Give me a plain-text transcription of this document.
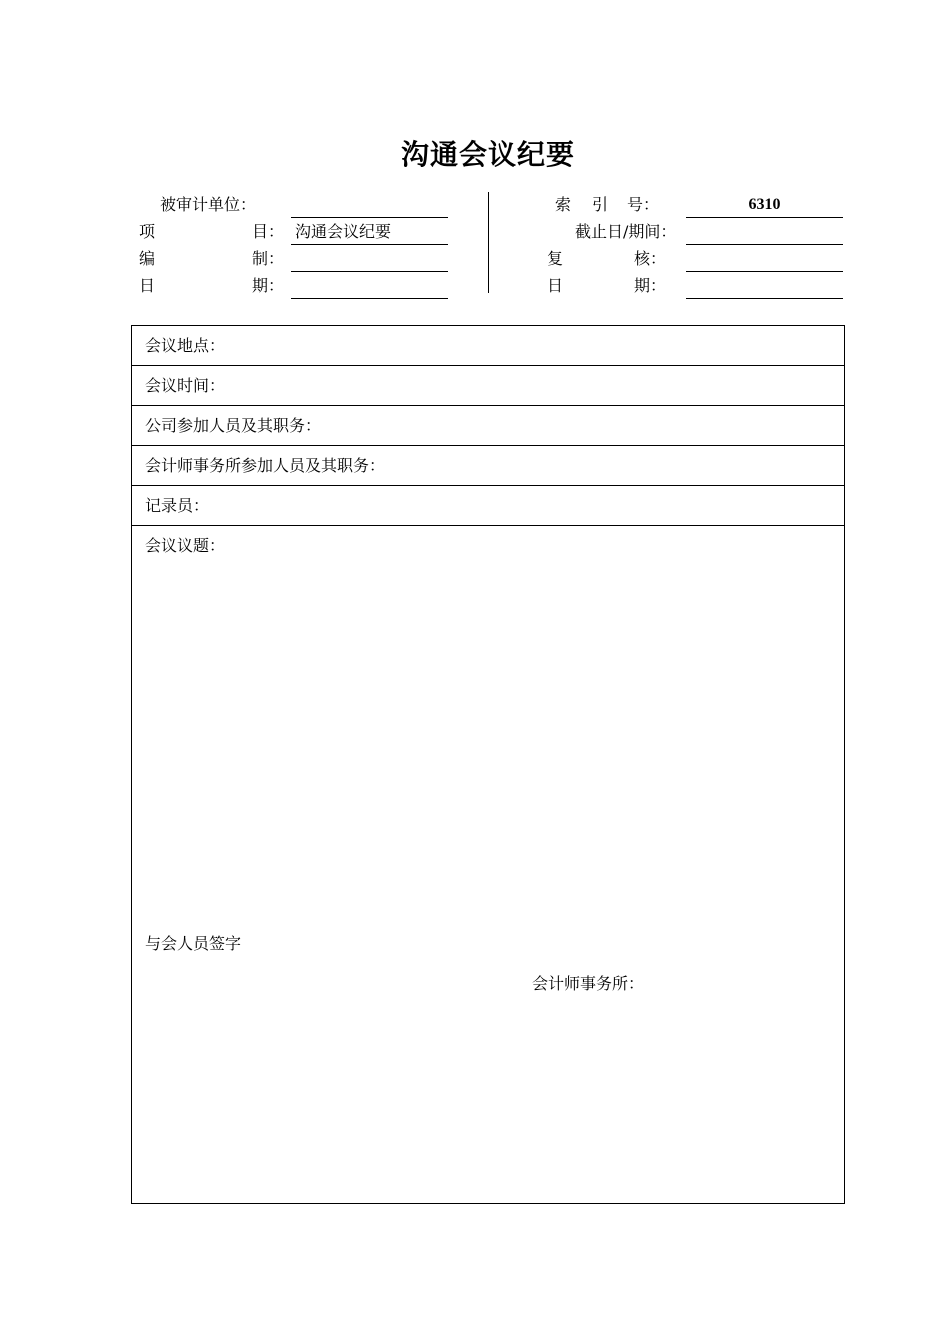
沟通会议纪要
被审计单位：
项	目： 沟通会议纪要
编	制：
日	期：
索 引 号：	6310
截止日/期间：
复	核：
日	期：
会议地点：
会议时间：
公司参加人员及其职务：
会计师事务所参加人员及其职务：
记录员：
会议议题：
与会人员签字
会计师事务所：
